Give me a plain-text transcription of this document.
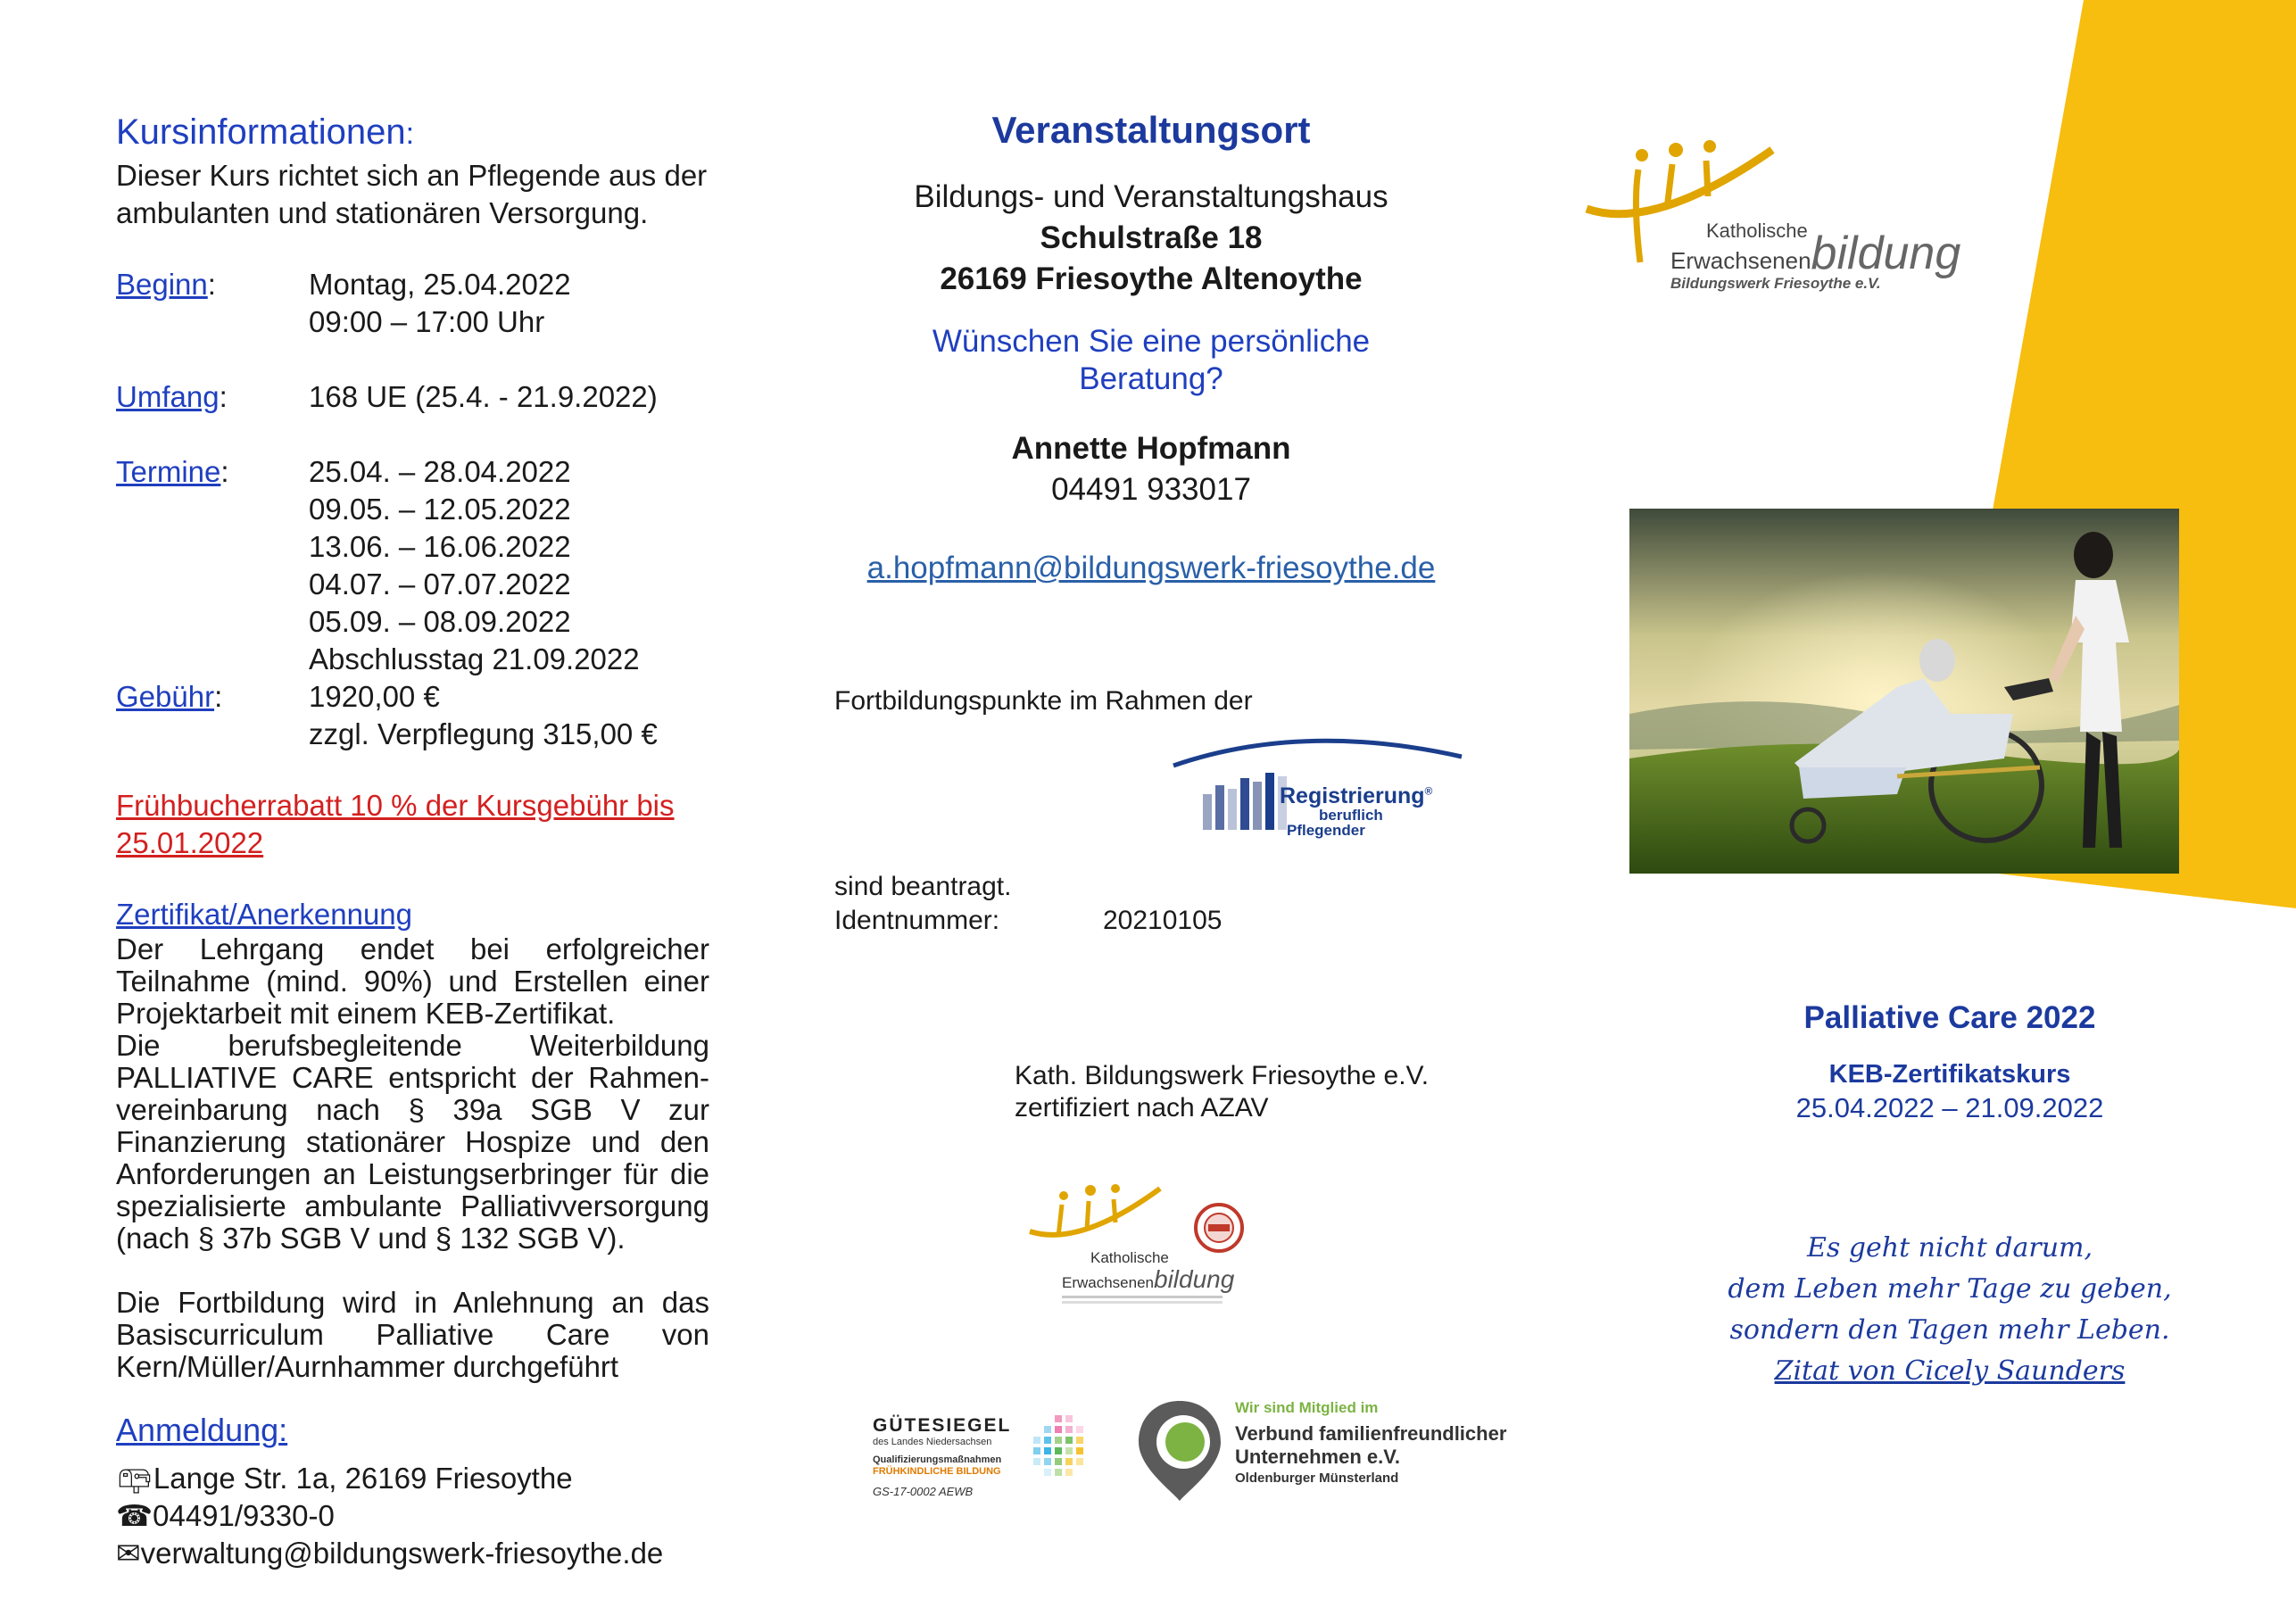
Kursinformationen:
Dieser Kurs richtet sich an Pflegende aus der
ambulanten und stationären Versorgung.
Beginn:	Montag, 25.04.2022
09:00 – 17:00 Uhr
Umfang:	168 UE (25.4. - 21.9.2022)
Termine:	25.04. – 28.04.2022
09.05. – 12.05.2022
13.06. – 16.06.2022
04.07. – 07.07.2022
05.09. – 08.09.2022
Abschlusstag 21.09.2022
Gebühr:	1920,00 €
zzgl. Verpflegung 315,00 €
Frühbucherrabatt 10 % der Kursgebühr bis
25.01.2022
Zertifikat/Anerkennung
Der Lehrgang endet bei erfolgreicher
Teilnahme (mind. 90%) und Erstellen einer
Projektarbeit mit einem KEB-Zertifikat.
Die berufsbegleitende Weiterbildung
PALLIATIVE CARE entspricht der Rahmen-
vereinbarung nach § 39a SGB V zur
Finanzierung stationärer Hospize und den
Anforderungen an Leistungserbringer für die
spezialisierte ambulante Palliativversorgung
(nach § 37b SGB V und § 132 SGB V).
Die Fortbildung wird in Anlehnung an das
Basiscurriculum Palliative Care von
Kern/Müller/Aurnhammer durchgeführt
Anmeldung:
📪︎Lange Str. 1a, 26169 Friesoythe
☎︎04491/9330-0
✉︎verwaltung@bildungswerk-friesoythe.de
Veranstaltungsort
Bildungs- und Veranstaltungshaus
Schulstraße 18
26169 Friesoythe Altenoythe
Wünschen Sie eine persönliche
Beratung?
Annette Hopfmann
04491 933017
a.hopfmann@bildungswerk-friesoythe.de
Fortbildungspunkte im Rahmen der
Registrierung®
beruflich
Pflegender
sind beantragt.
Identnummer:	20210105
Kath. Bildungswerk Friesoythe e.V.
zertifiziert nach AZAV
Katholische
Erwachsenenbildung
GÜTESIEGEL
des Landes Niedersachsen
Qualifizierungsmaßnahmen
FRÜHKINDLICHE BILDUNG
GS-17-0002 AEWB
Wir sind Mitglied im
Verbund familienfreundlicher
Unternehmen e.V.
Oldenburger Münsterland
Katholische
Erwachsenenbildung
Bildungswerk Friesoythe e.V.
Palliative Care 2022
KEB-Zertifikatskurs
25.04.2022 – 21.09.2022
Es geht nicht darum,
dem Leben mehr Tage zu geben,
sondern den Tagen mehr Leben.
Zitat von Cicely Saunders
